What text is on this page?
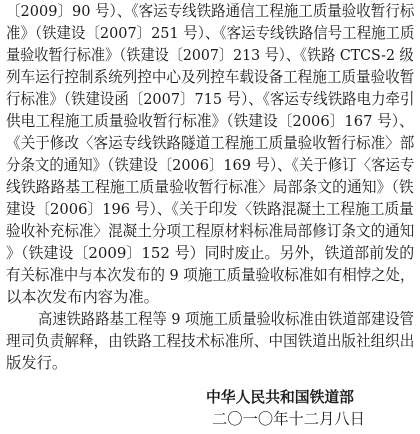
〔2009〕90 号）、《客运专线铁路通信工程施工质量验收暂行标
准》（铁建设〔2007〕251 号）、《客运专线铁路信号工程施工质
量验收暂行标准》（铁建设〔2007〕213 号）、《铁路 CTCS-2 级
列车运行控制系统列控中心及列控车载设备工程施工质量验收暂
行标准》（铁建设函〔2007〕715 号）、《客运专线铁路电力牵引
供电工程施工质量验收暂行标准》（铁建设〔2006〕167 号）、
《关于修改〈客运专线铁路隧道工程施工质量验收暂行标准〉部
分条文的通知》（铁建设〔2006〕169 号）、《关于修订〈客运专
线铁路路基工程施工质量验收暂行标准〉局部条文的通知》（铁
建设〔2006〕196 号）、《关于印发〈铁路混凝土工程施工质量
验收补充标准〉混凝土分项工程原材料标准局部修订条文的通知
》（铁建设〔2009〕152 号）同时废止。另外，铁道部前发的
有关标准中与本次发布的 9 项施工质量验收标准如有相悖之处，
以本次发布内容为准。
高速铁路路基工程等 9 项施工质量验收标准由铁道部建设管
理司负责解释，由铁路工程技术标准所、中国铁道出版社组织出
版发行。
中华人民共和国铁道部
二〇一〇年十二月八日
